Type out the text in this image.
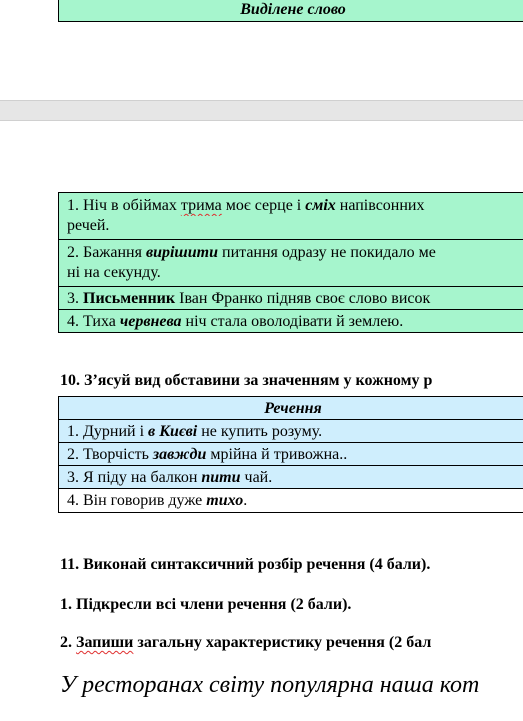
Виділене слово
1. Ніч в обіймах трима моє серце і сміх напівсонних
речей.
2. Бажання вирішити питання одразу не покидало ме
ні на секунду.
3. Письменник Іван Франко підняв своє слово висок
4. Тиха червнева ніч стала оволодівати й землею.
10. З’ясуй вид обставини за значенням у кожному р
Речення
1. Дурний і в Києві не купить розуму.
2. Творчість завжди мрійна й тривожна..
3. Я піду на балкон пити чай.
4. Він говорив дуже тихо.
11. Виконай синтаксичний розбір речення (4 бали).
1. Підкресли всі члени речення (2 бали).
2. Запиши загальну характеристику речення (2 бал
У ресторанах світу популярна наша кот
